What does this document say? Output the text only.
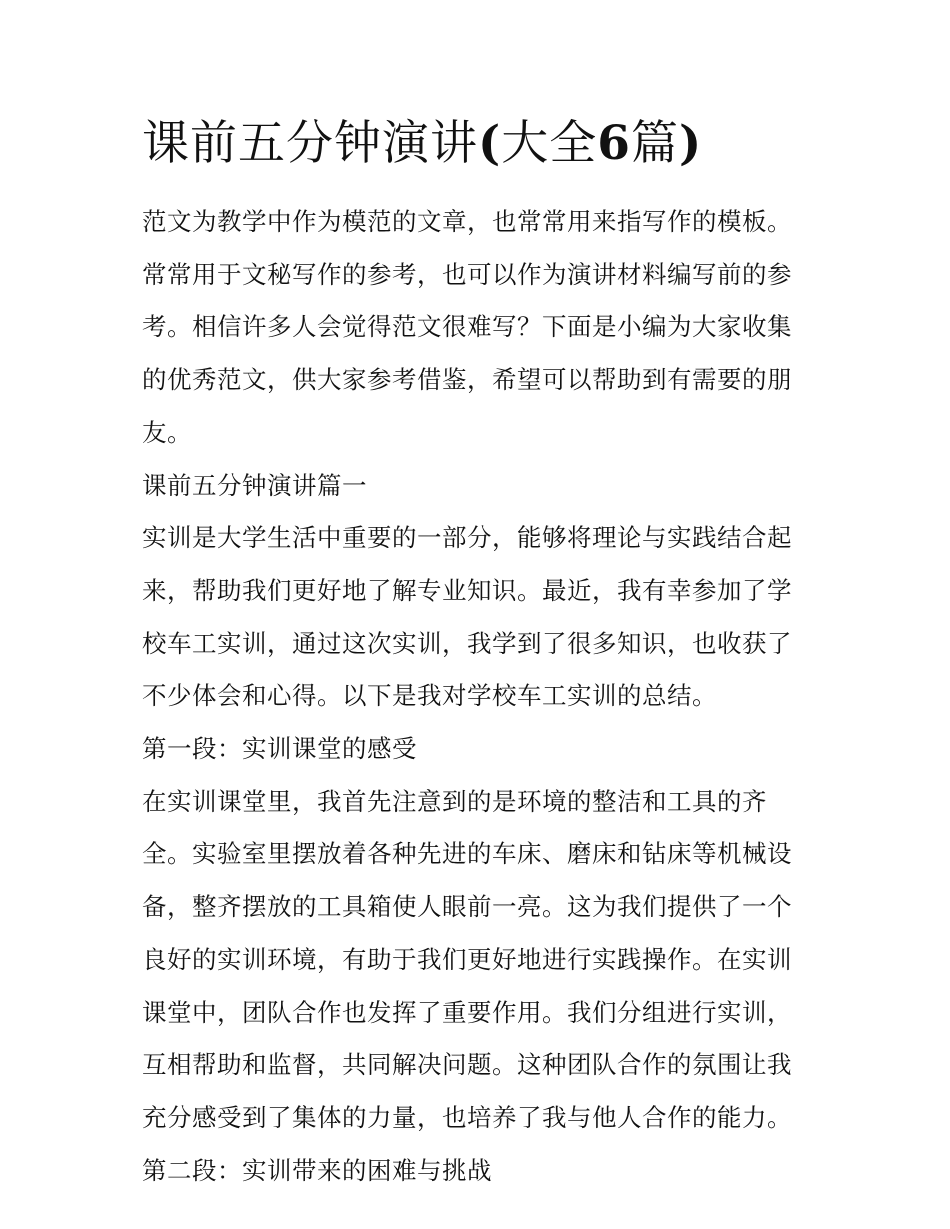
课前五分钟演讲(大全6篇)

范文为教学中作为模范的文章，也常常用来指写作的模板。常常用于文秘写作的参考，也可以作为演讲材料编写前的参考。相信许多人会觉得范文很难写？下面是小编为大家收集的优秀范文，供大家参考借鉴，希望可以帮助到有需要的朋友。

课前五分钟演讲篇一

实训是大学生活中重要的一部分，能够将理论与实践结合起来，帮助我们更好地了解专业知识。最近，我有幸参加了学校车工实训，通过这次实训，我学到了很多知识，也收获了不少体会和心得。以下是我对学校车工实训的总结。

第一段：实训课堂的感受

在实训课堂里，我首先注意到的是环境的整洁和工具的齐全。实验室里摆放着各种先进的车床、磨床和钻床等机械设备，整齐摆放的工具箱使人眼前一亮。这为我们提供了一个良好的实训环境，有助于我们更好地进行实践操作。在实训课堂中，团队合作也发挥了重要作用。我们分组进行实训，互相帮助和监督，共同解决问题。这种团队合作的氛围让我充分感受到了集体的力量，也培养了我与他人合作的能力。

第二段：实训带来的困难与挑战
